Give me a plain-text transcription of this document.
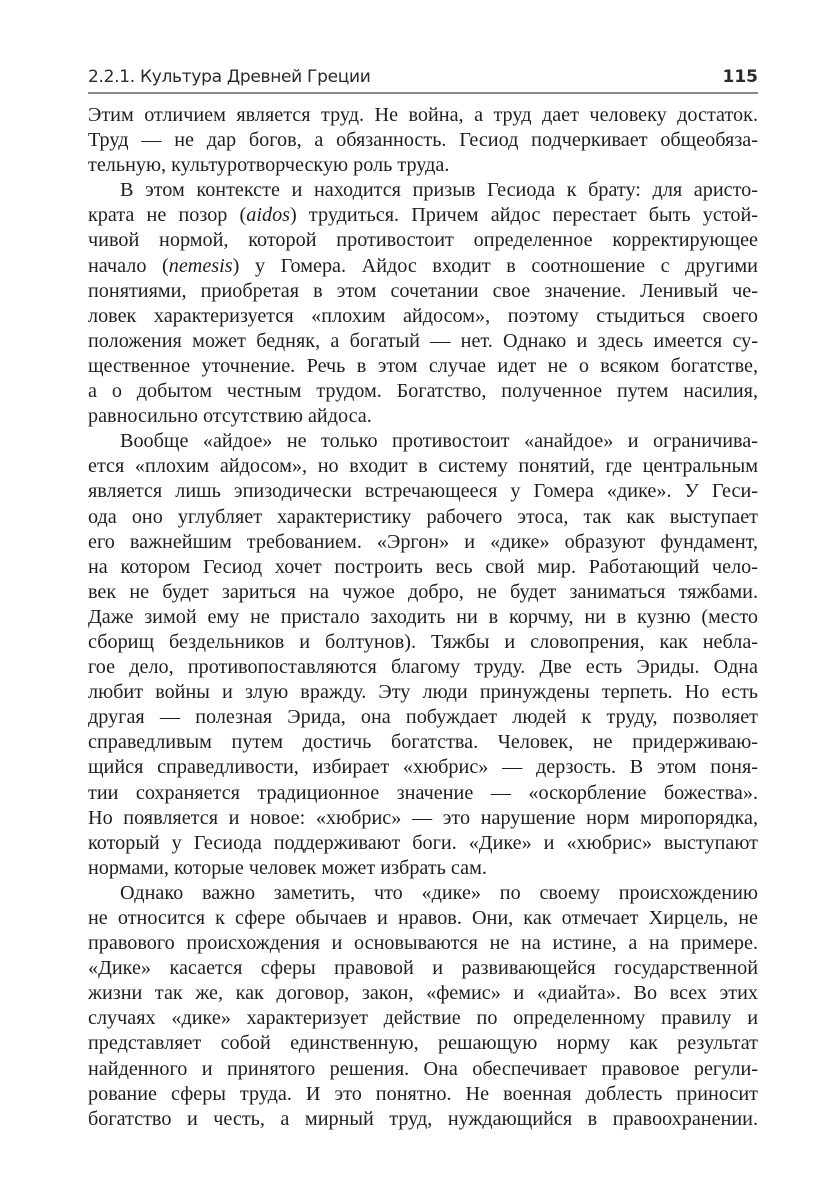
2.2.1. Культура Древней Греции	115
Этим отличием является труд. Не война, а труд дает человеку достаток.
Труд — не дар богов, а обязанность. Гесиод подчеркивает общеобяза-
тельную, культуротворческую роль труда.
В этом контексте и находится призыв Гесиода к брату: для аристо-
крата не позор (aidos) трудиться. Причем айдос перестает быть устой-
чивой нормой, которой противостоит определенное корректирующее
начало (nemesis) у Гомера. Айдос входит в соотношение с другими
понятиями, приобретая в этом сочетании свое значение. Ленивый че-
ловек характеризуется «плохим айдосом», поэтому стыдиться своего
положения может бедняк, а богатый — нет. Однако и здесь имеется су-
щественное уточнение. Речь в этом случае идет не о всяком богатстве,
а о добытом честным трудом. Богатство, полученное путем насилия,
равносильно отсутствию айдоса.
Вообще «айдое» не только противостоит «анайдое» и ограничива-
ется «плохим айдосом», но входит в систему понятий, где центральным
является лишь эпизодически встречающееся у Гомера «дике». У Геси-
ода оно углубляет характеристику рабочего этоса, так как выступает
его важнейшим требованием. «Эргон» и «дике» образуют фундамент,
на котором Гесиод хочет построить весь свой мир. Работающий чело-
век не будет зариться на чужое добро, не будет заниматься тяжбами.
Даже зимой ему не пристало заходить ни в корчму, ни в кузню (место
сборищ бездельников и болтунов). Тяжбы и словопрения, как неблa-
гое дело, противопоставляются благому труду. Две есть Эриды. Одна
любит войны и злую вражду. Эту люди принуждены терпеть. Но есть
другая — полезная Эрида, она побуждает людей к труду, позволяет
справедливым путем достичь богатства. Человек, не придерживаю-
щийся справедливости, избирает «хюбрис» — дерзость. В этом поня-
тии сохраняется традиционное значение — «оскорбление божества».
Но появляется и новое: «хюбрис» — это нарушение норм миропорядка,
который у Гесиода поддерживают боги. «Дике» и «хюбрис» выступают
нормами, которые человек может избрать сам.
Однако важно заметить, что «дике» по своему происхождению
не относится к сфере обычаев и нравов. Они, как отмечает Хирцель, не
правового происхождения и основываются не на истине, а на примере.
«Дике» касается сферы правовой и развивающейся государственной
жизни так же, как договор, закон, «фемис» и «диайта». Во всех этих
случаях «дике» характеризует действие по определенному правилу и
представляет собой единственную, решающую норму как результат
найденного и принятого решения. Она обеспечивает правовое регули-
рование сферы труда. И это понятно. Не военная доблесть приносит
богатство и честь, а мирный труд, нуждающийся в правоохранении.
